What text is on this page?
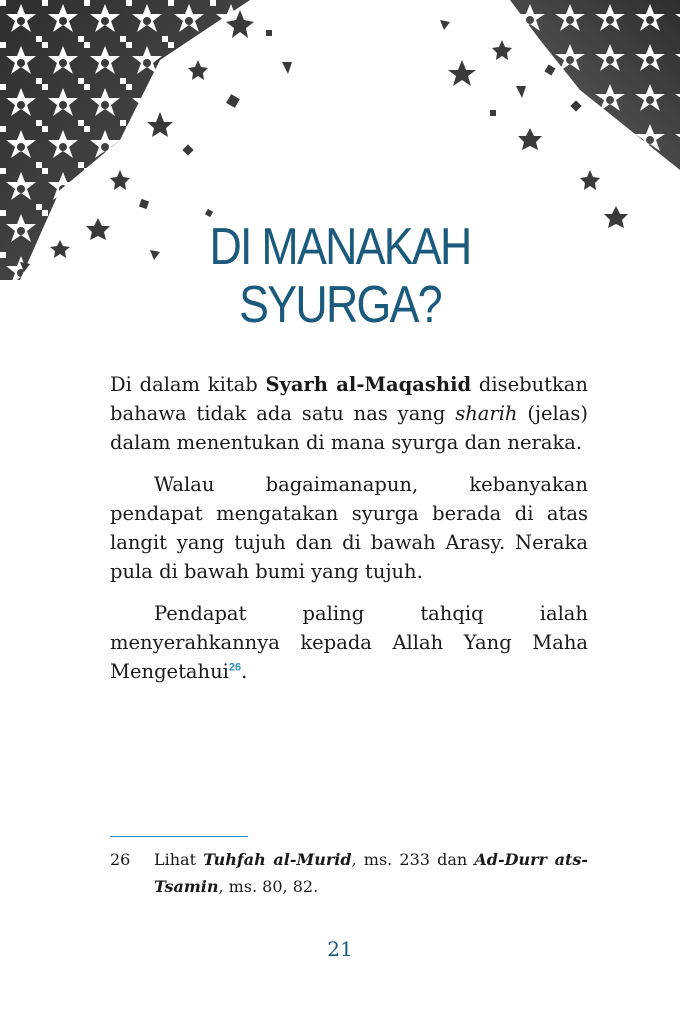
DI MANAKAH
SYURGA?

Di dalam kitab Syarh al-Maqashid disebutkan bahawa tidak ada satu nas yang sharih (jelas) dalam menentukan di mana syurga dan neraka.

Walau bagaimanapun, kebanyakan pendapat mengatakan syurga berada di atas langit yang tujuh dan di bawah Arasy. Neraka pula di bawah bumi yang tujuh.

Pendapat paling tahqiq ialah menyerahkannya kepada Allah Yang Maha Mengetahui$^{26}$.

26 Lihat Tuhfah al-Murid, ms. 233 dan Ad-Durr ats-Tsamin, ms. 80, 82.
21
